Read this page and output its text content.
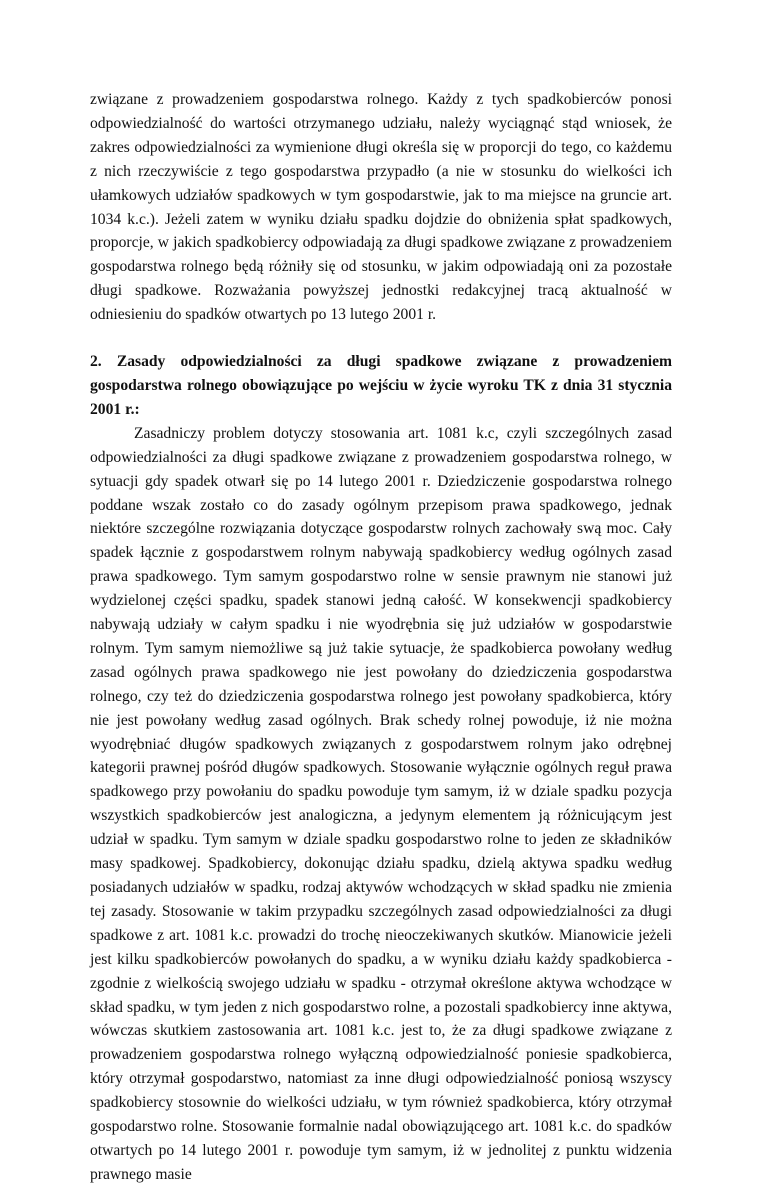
związane z prowadzeniem gospodarstwa rolnego. Każdy z tych spadkobierców ponosi odpowiedzialność do wartości otrzymanego udziału, należy wyciągnąć stąd wniosek, że zakres odpowiedzialności za wymienione długi określa się w proporcji do tego, co każdemu z nich rzeczywiście z tego gospodarstwa przypadło (a nie w stosunku do wielkości ich ułamkowych udziałów spadkowych w tym gospodarstwie, jak to ma miejsce na gruncie art. 1034 k.c.). Jeżeli zatem w wyniku działu spadku dojdzie do obniżenia spłat spadkowych, proporcje, w jakich spadkobiercy odpowiadają za długi spadkowe związane z prowadzeniem gospodarstwa rolnego będą różniły się od stosunku, w jakim odpowiadają oni za pozostałe długi spadkowe. Rozważania powyższej jednostki redakcyjnej tracą aktualność w odniesieniu do spadków otwartych po 13 lutego 2001 r.

2. Zasady odpowiedzialności za długi spadkowe związane z prowadzeniem gospodarstwa rolnego obowiązujące po wejściu w życie wyroku TK z dnia 31 stycznia 2001 r.:

Zasadniczy problem dotyczy stosowania art. 1081 k.c, czyli szczególnych zasad odpowiedzialności za długi spadkowe związane z prowadzeniem gospodarstwa rolnego, w sytuacji gdy spadek otwarł się po 14 lutego 2001 r. Dziedziczenie gospodarstwa rolnego poddane wszak zostało co do zasady ogólnym przepisom prawa spadkowego, jednak niektóre szczególne rozwiązania dotyczące gospodarstw rolnych zachowały swą moc. Cały spadek łącznie z gospodarstwem rolnym nabywają spadkobiercy według ogólnych zasad prawa spadkowego. Tym samym gospodarstwo rolne w sensie prawnym nie stanowi już wydzielonej części spadku, spadek stanowi jedną całość. W konsekwencji spadkobiercy nabywają udziały w całym spadku i nie wyodrębnia się już udziałów w gospodarstwie rolnym. Tym samym niemożliwe są już takie sytuacje, że spadkobierca powołany według zasad ogólnych prawa spadkowego nie jest powołany do dziedziczenia gospodarstwa rolnego, czy też do dziedziczenia gospodarstwa rolnego jest powołany spadkobierca, który nie jest powołany według zasad ogólnych. Brak schedy rolnej powoduje, iż nie można wyodrębniać długów spadkowych związanych z gospodarstwem rolnym jako odrębnej kategorii prawnej pośród długów spadkowych. Stosowanie wyłącznie ogólnych reguł prawa spadkowego przy powołaniu do spadku powoduje tym samym, iż w dziale spadku pozycja wszystkich spadkobierców jest analogiczna, a jedynym elementem ją różnicującym jest udział w spadku. Tym samym w dziale spadku gospodarstwo rolne to jeden ze składników masy spadkowej. Spadkobiercy, dokonując działu spadku, dzielą aktywa spadku według posiadanych udziałów w spadku, rodzaj aktywów wchodzących w skład spadku nie zmienia tej zasady. Stosowanie w takim przypadku szczególnych zasad odpowiedzialności za długi spadkowe z art. 1081 k.c. prowadzi do trochę nieoczekiwanych skutków. Mianowicie jeżeli jest kilku spadkobierców powołanych do spadku, a w wyniku działu każdy spadkobierca - zgodnie z wielkością swojego udziału w spadku - otrzymał określone aktywa wchodzące w skład spadku, w tym jeden z nich gospodarstwo rolne, a pozostali spadkobiercy inne aktywa, wówczas skutkiem zastosowania art. 1081 k.c. jest to, że za długi spadkowe związane z prowadzeniem gospodarstwa rolnego wyłączną odpowiedzialność poniesie spadkobierca, który otrzymał gospodarstwo, natomiast za inne długi odpowiedzialność poniosą wszyscy spadkobiercy stosownie do wielkości udziału, w tym również spadkobierca, który otrzymał gospodarstwo rolne. Stosowanie formalnie nadal obowiązującego art. 1081 k.c. do spadków otwartych po 14 lutego 2001 r. powoduje tym samym, iż w jednolitej z punktu widzenia prawnego masie
